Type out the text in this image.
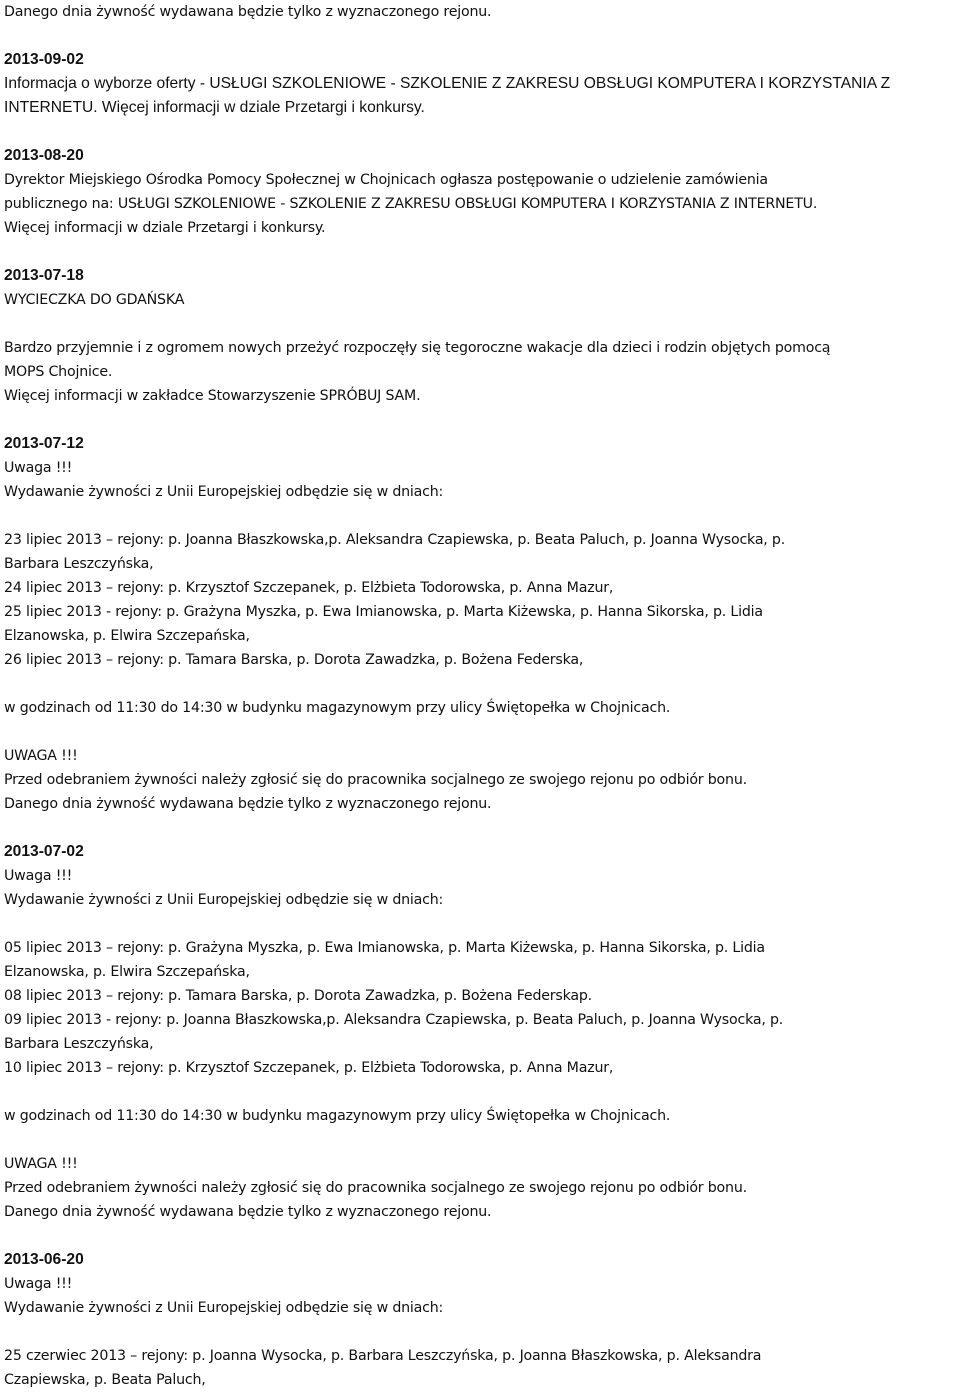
Danego dnia żywność wydawana będzie tylko z wyznaczonego rejonu.
2013-09-02
Informacja o wyborze oferty - USŁUGI SZKOLENIOWE - SZKOLENIE Z ZAKRESU OBSŁUGI KOMPUTERA I KORZYSTANIA Z
INTERNETU. Więcej informacji w dziale Przetargi i konkursy.
2013-08-20
Dyrektor Miejskiego Ośrodka Pomocy Społecznej w Chojnicach ogłasza postępowanie o udzielenie zamówienia
publicznego na: USŁUGI SZKOLENIOWE - SZKOLENIE Z ZAKRESU OBSŁUGI KOMPUTERA I KORZYSTANIA Z INTERNETU.
Więcej informacji w dziale Przetargi i konkursy.
2013-07-18
WYCIECZKA DO GDAŃSKA
Bardzo przyjemnie i z ogromem nowych przeżyć rozpoczęły się tegoroczne wakacje dla dzieci i rodzin objętych pomocą
MOPS Chojnice.
Więcej informacji w zakładce Stowarzyszenie SPRÓBUJ SAM.
2013-07-12
Uwaga !!!
Wydawanie żywności z Unii Europejskiej odbędzie się w dniach:
23 lipiec 2013 – rejony: p. Joanna Błaszkowska,p. Aleksandra Czapiewska, p. Beata Paluch, p. Joanna Wysocka, p.
Barbara Leszczyńska,
24 lipiec 2013 – rejony: p. Krzysztof Szczepanek, p. Elżbieta Todorowska, p. Anna Mazur,
25 lipiec 2013 - rejony: p. Grażyna Myszka, p. Ewa Imianowska, p. Marta Kiżewska, p. Hanna Sikorska, p. Lidia
Elzanowska, p. Elwira Szczepańska,
26 lipiec 2013 – rejony: p. Tamara Barska, p. Dorota Zawadzka, p. Bożena Federska,
w godzinach od 11:30 do 14:30 w budynku magazynowym przy ulicy Świętopełka w Chojnicach.
UWAGA !!!
Przed odebraniem żywności należy zgłosić się do pracownika socjalnego ze swojego rejonu po odbiór bonu.
Danego dnia żywność wydawana będzie tylko z wyznaczonego rejonu.
2013-07-02
Uwaga !!!
Wydawanie żywności z Unii Europejskiej odbędzie się w dniach:
05 lipiec 2013 – rejony: p. Grażyna Myszka, p. Ewa Imianowska, p. Marta Kiżewska, p. Hanna Sikorska, p. Lidia
Elzanowska, p. Elwira Szczepańska,
08 lipiec 2013 – rejony: p. Tamara Barska, p. Dorota Zawadzka, p. Bożena Federskap.
09 lipiec 2013 - rejony: p. Joanna Błaszkowska,p. Aleksandra Czapiewska, p. Beata Paluch, p. Joanna Wysocka, p.
Barbara Leszczyńska,
10 lipiec 2013 – rejony: p. Krzysztof Szczepanek, p. Elżbieta Todorowska, p. Anna Mazur,
w godzinach od 11:30 do 14:30 w budynku magazynowym przy ulicy Świętopełka w Chojnicach.
UWAGA !!!
Przed odebraniem żywności należy zgłosić się do pracownika socjalnego ze swojego rejonu po odbiór bonu.
Danego dnia żywność wydawana będzie tylko z wyznaczonego rejonu.
2013-06-20
Uwaga !!!
Wydawanie żywności z Unii Europejskiej odbędzie się w dniach:
25 czerwiec 2013 – rejony: p. Joanna Wysocka, p. Barbara Leszczyńska, p. Joanna Błaszkowska, p. Aleksandra
Czapiewska, p. Beata Paluch,
